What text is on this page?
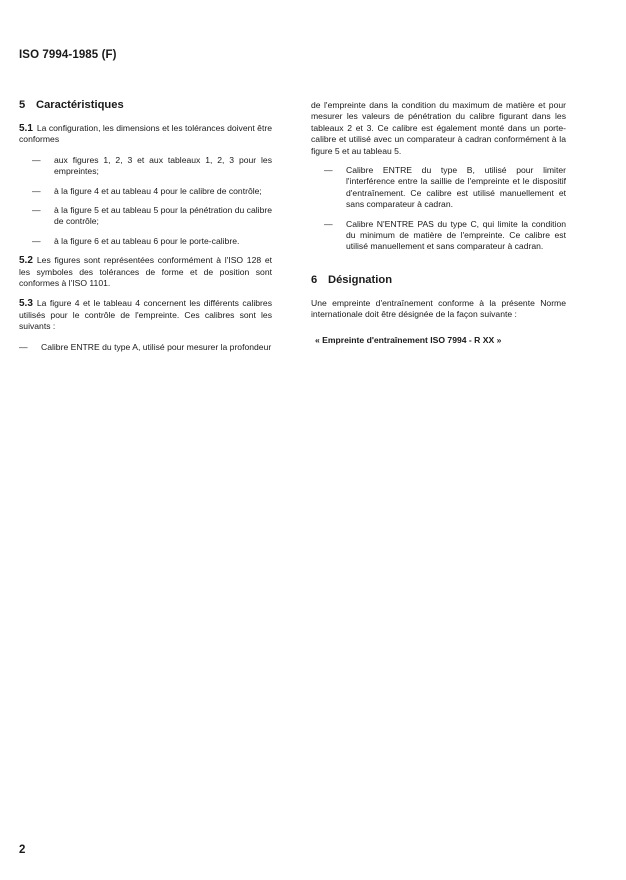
ISO 7994-1985 (F)
5 Caractéristiques

5.1 La configuration, les dimensions et les tolérances doivent être conformes

—	aux figures 1, 2, 3 et aux tableaux 1, 2, 3 pour les empreintes;
—	à la figure 4 et au tableau 4 pour le calibre de contrôle;
—	à la figure 5 et au tableau 5 pour la pénétration du calibre de contrôle;
—	à la figure 6 et au tableau 6 pour le porte-calibre.

5.2 Les figures sont représentées conformément à l'ISO 128 et les symboles des tolérances de forme et de position sont conformes à l'ISO 1101.

5.3 La figure 4 et le tableau 4 concernent les différents calibres utilisés pour le contrôle de l'empreinte. Ces calibres sont les suivants :

— Calibre ENTRE du type A, utilisé pour mesurer la profondeur

de l'empreinte dans la condition du maximum de matière et pour mesurer les valeurs de pénétration du calibre figurant dans les tableaux 2 et 3. Ce calibre est également monté dans un porte-calibre et utilisé avec un comparateur à cadran conformément à la figure 5 et au tableau 5.

—	Calibre ENTRE du type B, utilisé pour limiter l'interférence entre la saillie de l'empreinte et le dispositif d'entraînement. Ce calibre est utilisé manuellement et sans comparateur à cadran.
—	Calibre N'ENTRE PAS du type C, qui limite la condition du minimum de matière de l'empreinte. Ce calibre est utilisé manuellement et sans comparateur à cadran.
6 Désignation

Une empreinte d'entraînement conforme à la présente Norme internationale doit être désignée de la façon suivante :

« Empreinte d'entraînement ISO 7994 - R XX »

2
